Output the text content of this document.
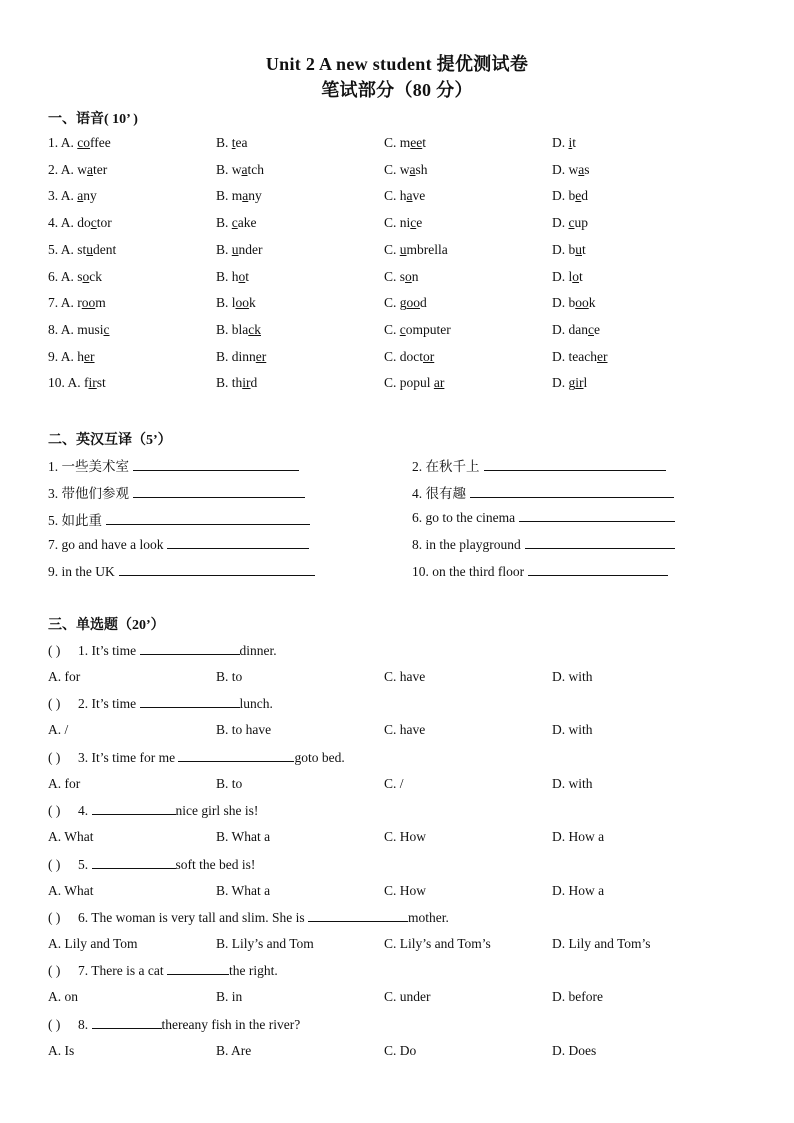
Unit 2 A new student 提优测试卷
笔试部分（80 分）
一、语音( 10’ )
1. A. coffee	B. tea	C. meet	D. it
2. A. water	B. watch	C. wash	D. was
3. A. any	B. many	C. have	D. bed
4. A. doctor	B. cake	C. nice	D. cup
5. A. student	B. under	C. umbrella	D. but
6. A. sock	B. hot	C. son	D. lot
7. A. room	B. look	C. good	D. book
8. A. music	B. black	C. computer	D. dance
9. A. her	B. dinner	C. doctor	D. teacher
10. A. first	B. third	C. popul ar	D. girl
二、英汉互译（5’）
1. 一些美术室	2. 在秋千上
3. 带他们参观	4. 很有趣
5. 如此重	6. go to the cinema
7. go and have a look	8. in the playground
9. in the UK	10. on the third floor
三、单选题（20’）
( ) 1. It’s time	dinner.
A. for	B. to	C. have	D. with
( ) 2. It’s time	lunch.
A. /	B. to have	C. have	D. with
( ) 3. It’s time for me	goto bed.
A. for	B. to	C. /	D. with
( ) 4.	nice girl she is!
A. What	B. What a	C. How	D. How a
( ) 5.	soft the bed is!
A. What	B. What a	C. How	D. How a
( ) 6. The woman is very tall and slim. She is	mother.
A. Lily and Tom	B. Lily’s and Tom	C. Lily’s and Tom’s	D. Lily and Tom’s
( ) 7. There is a cat	the right.
A. on	B. in	C. under	D. before
( ) 8.	thereany fish in the river?
A. Is	B. Are	C. Do	D. Does
